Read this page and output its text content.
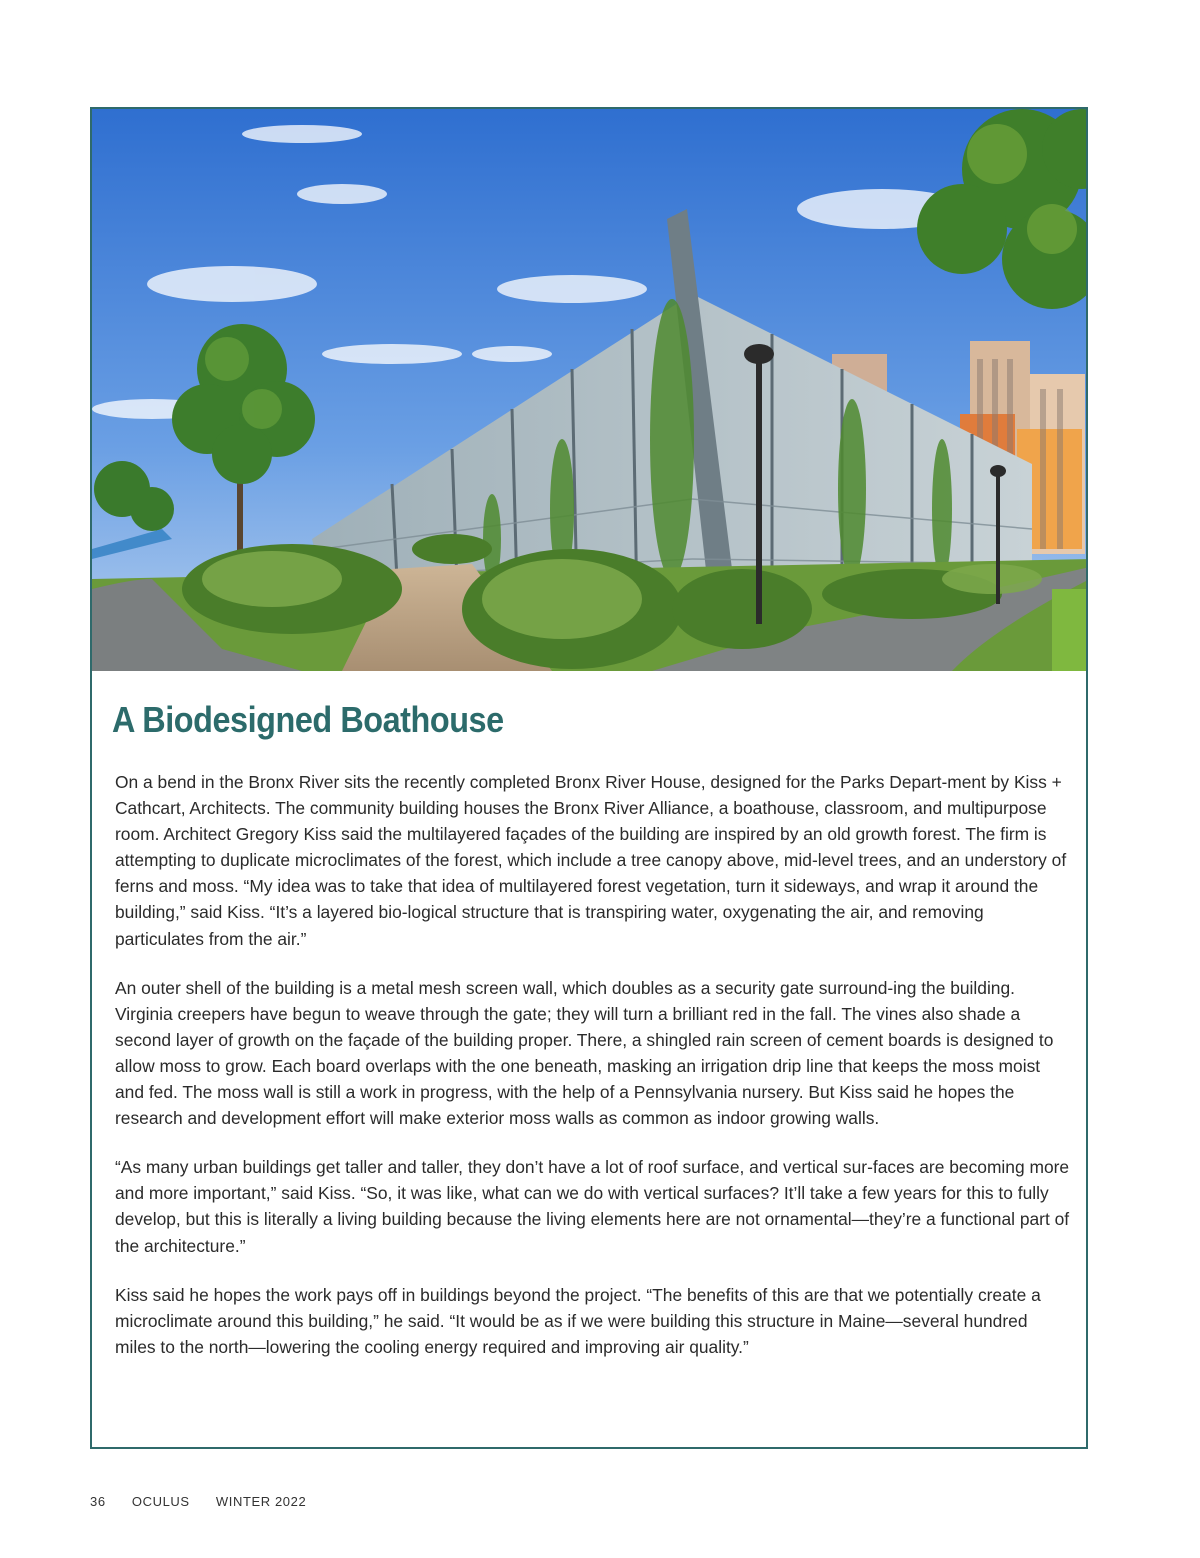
A Biodesigned Boathouse

On a bend in the Bronx River sits the recently completed Bronx River House, designed for the Parks Depart-ment by Kiss + Cathcart, Architects. The community building houses the Bronx River Alliance, a boathouse, classroom, and multipurpose room. Architect Gregory Kiss said the multilayered façades of the building are inspired by an old growth forest. The firm is attempting to duplicate microclimates of the forest, which include a tree canopy above, mid-level trees, and an understory of ferns and moss. “My idea was to take that idea of multilayered forest vegetation, turn it sideways, and wrap it around the building,” said Kiss. “It’s a layered bio-logical structure that is transpiring water, oxygenating the air, and removing particulates from the air.”

An outer shell of the building is a metal mesh screen wall, which doubles as a security gate surround-ing the building. Virginia creepers have begun to weave through the gate; they will turn a brilliant red in the fall. The vines also shade a second layer of growth on the façade of the building proper. There, a shingled rain screen of cement boards is designed to allow moss to grow. Each board overlaps with the one beneath, masking an irrigation drip line that keeps the moss moist and fed. The moss wall is still a work in progress, with the help of a Pennsylvania nursery. But Kiss said he hopes the research and development effort will make exterior moss walls as common as indoor growing walls.

“As many urban buildings get taller and taller, they don’t have a lot of roof surface, and vertical sur-faces are becoming more and more important,” said Kiss. “So, it was like, what can we do with vertical surfaces? It’ll take a few years for this to fully develop, but this is literally a living building because the living elements here are not ornamental—they’re a functional part of the architecture.”

Kiss said he hopes the work pays off in buildings beyond the project. “The benefits of this are that we potentially create a microclimate around this building,” he said. “It would be as if we were building this structure in Maine—several hundred miles to the north—lowering the cooling energy required and improving air quality.”

36 OCULUS WINTER 2022
